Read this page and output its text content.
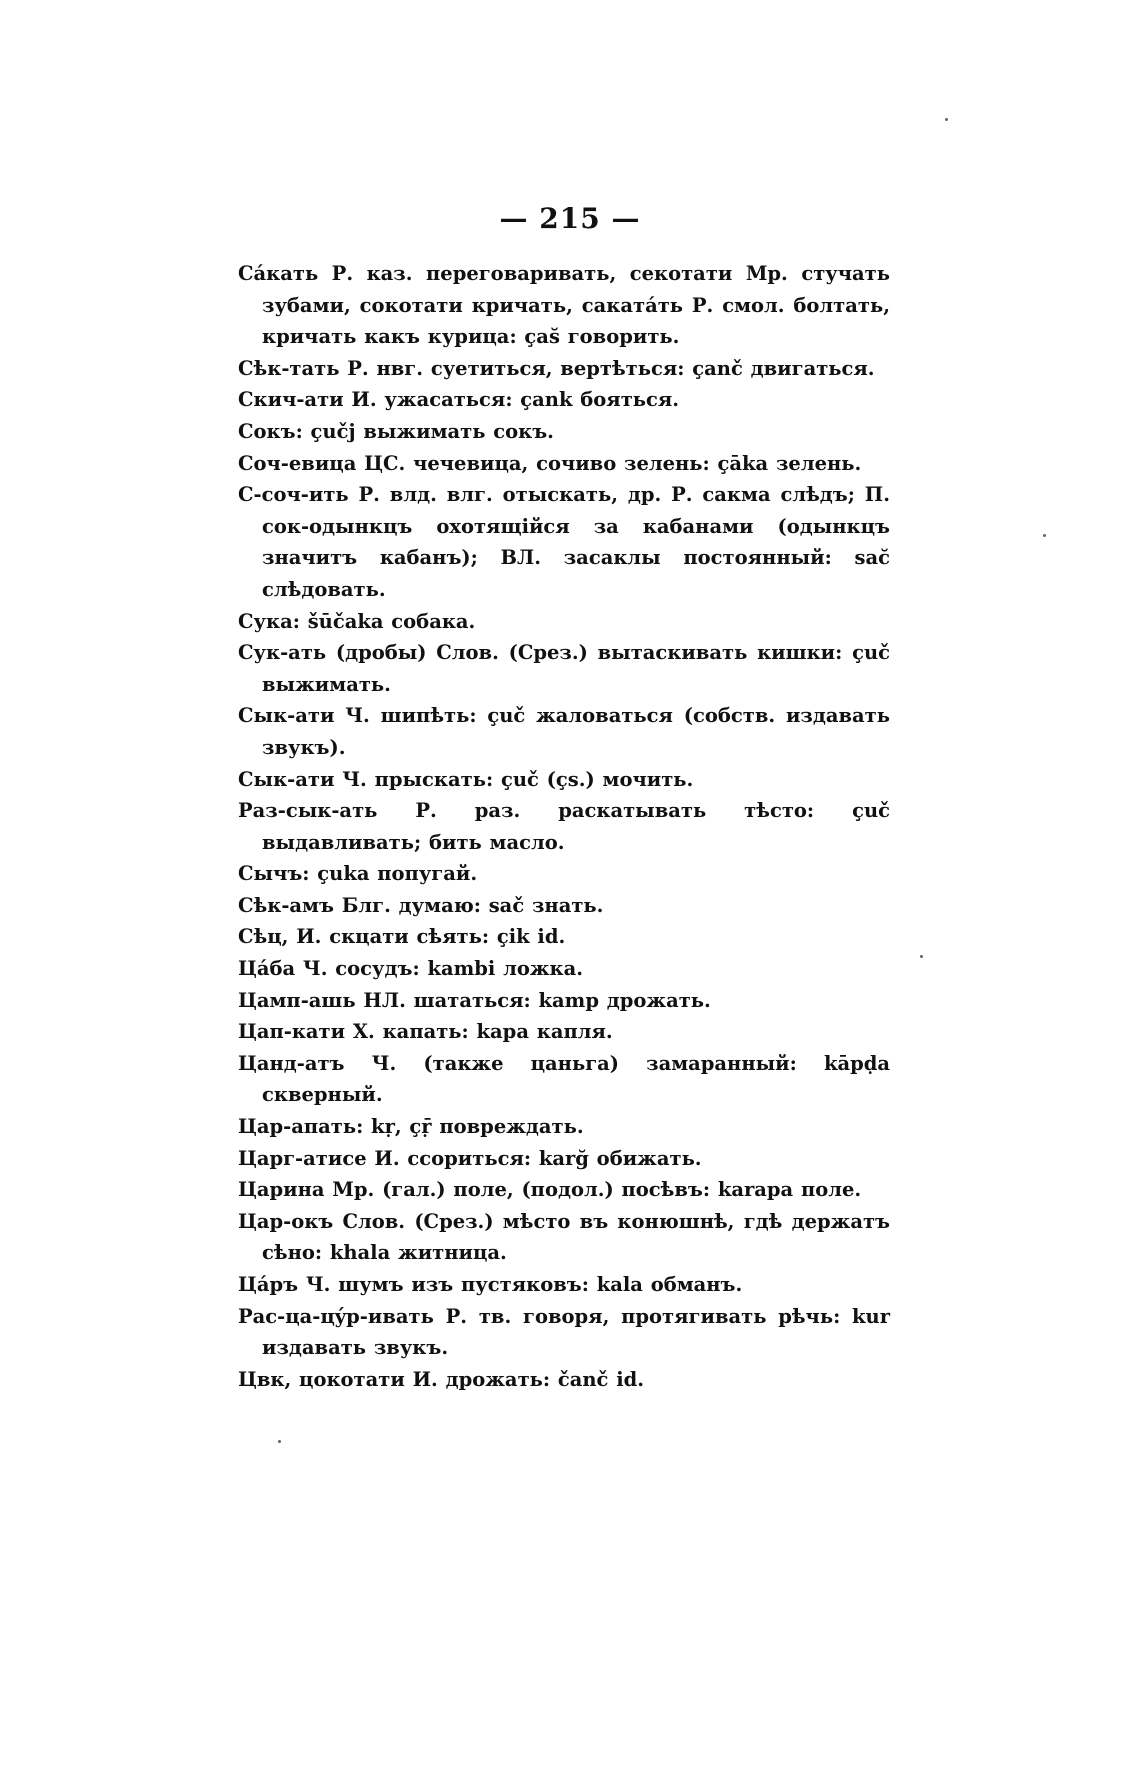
— 215 —
Сáкать Р. каз. переговаривать, секотати Мр. стучать зубами, сокотати кричать, сакатáть Р. смол. болтать, кричать какъ курица: ças̆ говорить.
Сѣк-тать Р. нвг. суетиться, вертѣться: çanč двигаться.
Скич-ати И. ужасаться: çank бояться.
Сокъ: çučj выжимать сокъ.
Соч-евица ЦС. чечевица, сочиво зелень: çāka зелень.
С-соч-ить Р. влд. влг. отыскать, др. Р. сакма слѣдъ; П. сок-одынкцъ охотящiйся за кабанами (одынкцъ значитъ кабанъ); ВЛ. засаклы постоянный: sac̆ слѣдовать.
Сука: šūčaka собака.
Сук-ать (дробы) Слов. (Срез.) вытаскивать кишки: çuč выжимать.
Сык-ати Ч. шипѣть: çuč жаловаться (собств. издавать звукъ).
Сык-ати Ч. прыскать: çuč (çs.) мочить.
Раз-сык-ать Р. раз. раскатывать тѣсто: çuč выдавливать; бить масло.
Сычъ: çuka попугай.
Сѣк-амъ Блг. думаю: sač знать.
Сѣц, И. скцати сѣять: çik id.
Цáба Ч. сосудъ: kambi ложка.
Цамп-ашь НЛ. шататься: kamp дрожать.
Цап-кати Х. капать: kapa капля.
Цанд-атъ Ч. (также цаньга) замаранный: kāpḍa скверный.
Цар-апать: kṛ, çṝ повреждать.
Царг-атисе И. ссориться: karğ обижать.
Царина Мр. (гал.) поле, (подол.) посѣвъ: karapa поле.
Цар-окъ Слов. (Срез.) мѣсто въ конюшнѣ, гдѣ держатъ сѣно: khala житница.
Цáръ Ч. шумъ изъ пустяковъ: kala обманъ.
Рас-ца-цýр-ивать Р. тв. говоря, протягивать рѣчь: kur издавать звукъ.
Цвк, цокотати И. дрожать: čanč id.
